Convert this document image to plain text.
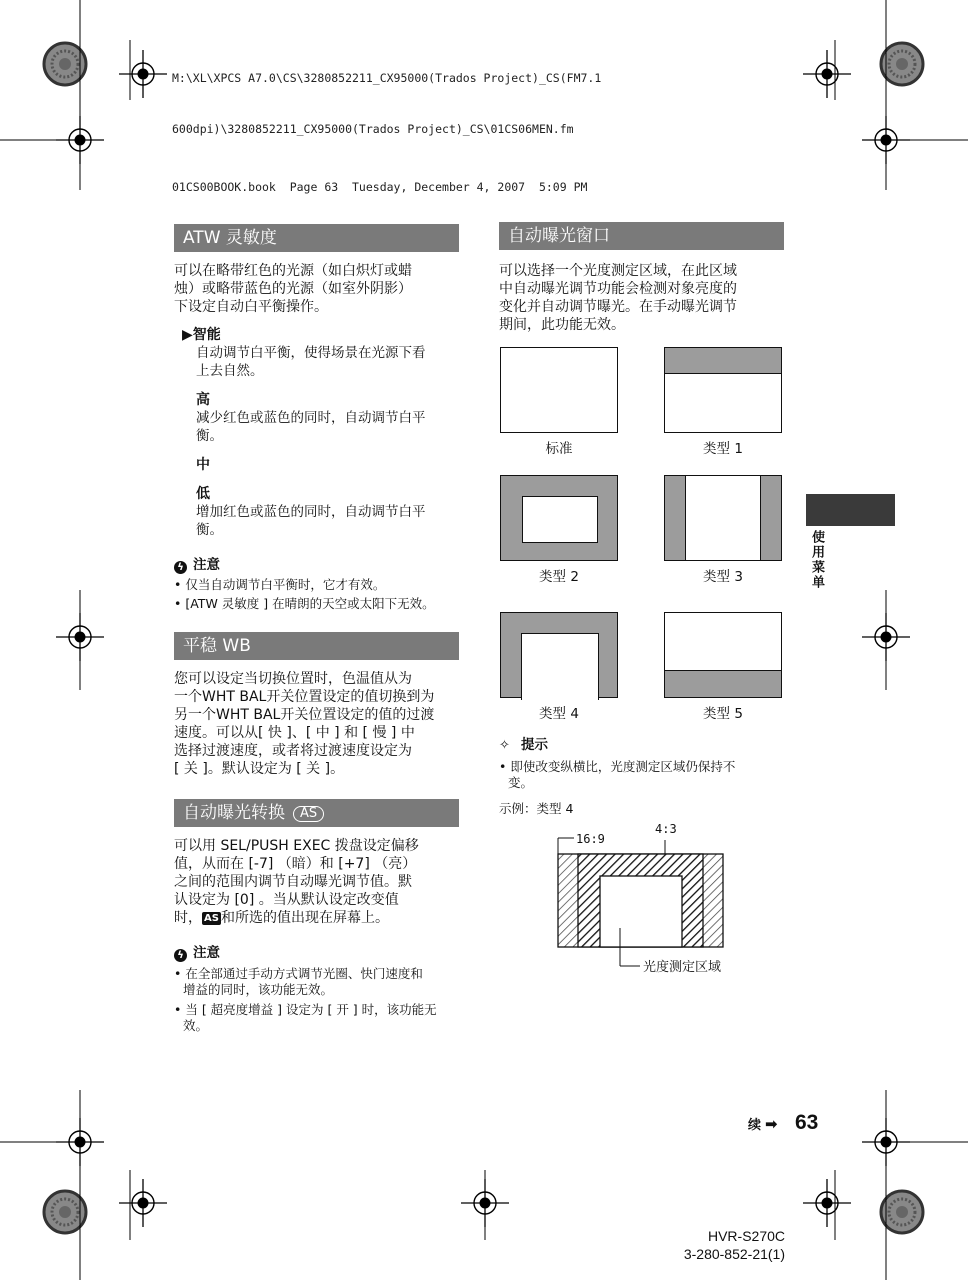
M:\XL\XPCS A7.0\CS\3280852211_CX95000(Trados Project)_CS(FM7.1

600dpi)\3280852211_CX95000(Trados Project)_CS\01CS06MEN.fm

01CS00BOOK.book  Page 63  Tuesday, December 4, 2007  5:09 PM

ATW 灵敏度
可以在略带红色的光源（如白炽灯或蜡
烛）或略带蓝色的光源（如室外阴影）
下设定自动白平衡操作。
▶智能
自动调节白平衡，使得场景在光源下看
上去自然。
高
减少红色或蓝色的同时，自动调节白平
衡。
中
低
增加红色或蓝色的同时，自动调节白平
衡。
ϟ 注意
• 仅当自动调节白平衡时，它才有效。
• [ATW 灵敏度 ] 在晴朗的天空或太阳下无效。
平稳 WB
您可以设定当切换位置时，色温值从为
一个WHT BAL开关位置设定的值切换到为
另一个WHT BAL开关位置设定的值的过渡
速度。可以从[ 快 ]、[ 中 ] 和 [ 慢 ] 中
选择过渡速度，或者将过渡速度设定为
[ 关 ]。默认设定为 [ 关 ]。
自动曝光转换 AS
可以用 SEL/PUSH EXEC 拨盘设定偏移
值，从而在 [-7] （暗）和 [+7] （亮）
之间的范围内调节自动曝光调节值。默
认设定为 [0] 。当从默认设定改变值
时， AS 和所选的值出现在屏幕上。
ϟ 注意
• 在全部通过手动方式调节光圈、快门速度和
增益的同时，该功能无效。
• 当 [ 超亮度增益 ] 设定为 [ 开 ] 时，该功能无
效。
自动曝光窗口
可以选择一个光度测定区域，在此区域
中自动曝光调节功能会检测对象亮度的
变化并自动调节曝光。在手动曝光调节
期间，此功能无效。
标准	类型 1
类型 2	类型 3
类型 4	类型 5
✧ 提示
• 即使改变纵横比，光度测定区域仍保持不
变。
示例：类型 4
16:9
4:3
光度测定区域
使用菜单
续 ➡ 63
HVR-S270C
3-280-852-21(1)
